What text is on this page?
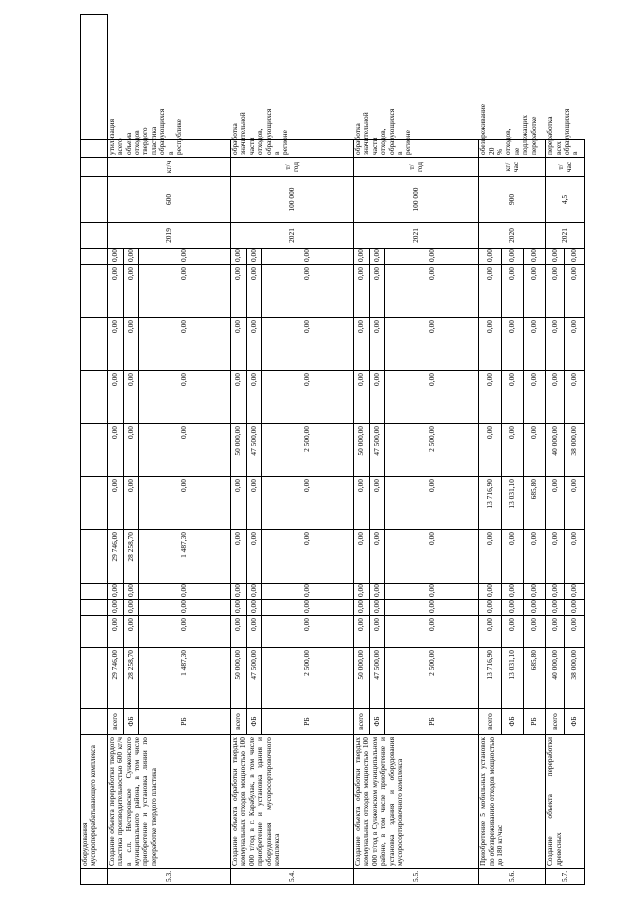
	оборудования мусороперерабатывающего комплекса																	
5.3.	Создание объекта переработки твердого пластика производительностью 600 кг/ч в с.п. Нестеровское Сунженского муниципального района, в том числе приобретение и установка линии по переработке твердого пластика	всего	29 746,00	0,00	0,00	0,00	29 746,00	0,00	0,00	0,00	0,00	0,00	0,00	2019	600	кг/ч	утилизация всего объема отходов твердого пластика образующихся в республике	
		ФБ	28 258,70	0,00	0,00	0,00	28 258,70	0,00	0,00	0,00	0,00	0,00	0,00					
		РБ	1 487,30	0,00	0,00	0,00	1 487,30	0,00	0,00	0,00	0,00	0,00	0,00					
5.4.	Создание объекта обработки твердых коммунальных отходов мощностью 100 000 т/год в г. Карабулак, в том числе приобретение и установка здания и оборудования мусоросортировочного комплекса	всего	50 000,00	0,00	0,00	0,00	0,00	0,00	50 000,00	0,00	0,00	0,00	0,00	2021	100 000	т/год	обработка значительной части отходов, образующихся в регионе	
		ФБ	47 500,00	0,00	0,00	0,00	0,00	0,00	47 500,00	0,00	0,00	0,00	0,00					
		РБ	2 500,00	0,00	0,00	0,00	0,00	0,00	2 500,00	0,00	0,00	0,00	0,00					
5.5.	Создание объекта обработки твердых коммунальных отходов мощностью 100 000 т/год в Сунженском муниципальном районе, в том числе приобретение и установка здания и оборудования мусоросортировочного комплекса	всего	50 000,00	0,00	0,00	0,00	0,00	0,00	50 000,00	0,00	0,00	0,00	0,00	2021	100 000	т/год	обработка значительной части отходов, образующихся в регионе	
		ФБ	47 500,00	0,00	0,00	0,00	0,00	0,00	47 500,00	0,00	0,00	0,00	0,00					
		РБ	2 500,00	0,00	0,00	0,00	0,00	0,00	2 500,00	0,00	0,00	0,00	0,00					
5.6.	Приобретение 5 мобильных установок по обезвреживанию отходов мощностью до 180 кг/час	всего	13 716,90	0,00	0,00	0,00	0,00	13 716,90	0,00	0,00	0,00	0,00	0,00	2020	900	кг/час	обезвреживание 20 % отходов, не подлежащих переработке	
		ФБ	13 031,10	0,00	0,00	0,00	0,00	13 031,10	0,00	0,00	0,00	0,00	0,00					
		РБ	685,80	0,00	0,00	0,00	0,00	685,80	0,00	0,00	0,00	0,00	0,00					
5.7.	Создание объекта переработки древесных	всего	40 000,00	0,00	0,00	0,00	0,00	0,00	40 000,00	0,00	0,00	0,00	0,00	2021	4,5	т/час	переработка всех образующихся в	
		ФБ	38 000,00	0,00	0,00	0,00	0,00	0,00	38 000,00	0,00	0,00	0,00	0,00					
